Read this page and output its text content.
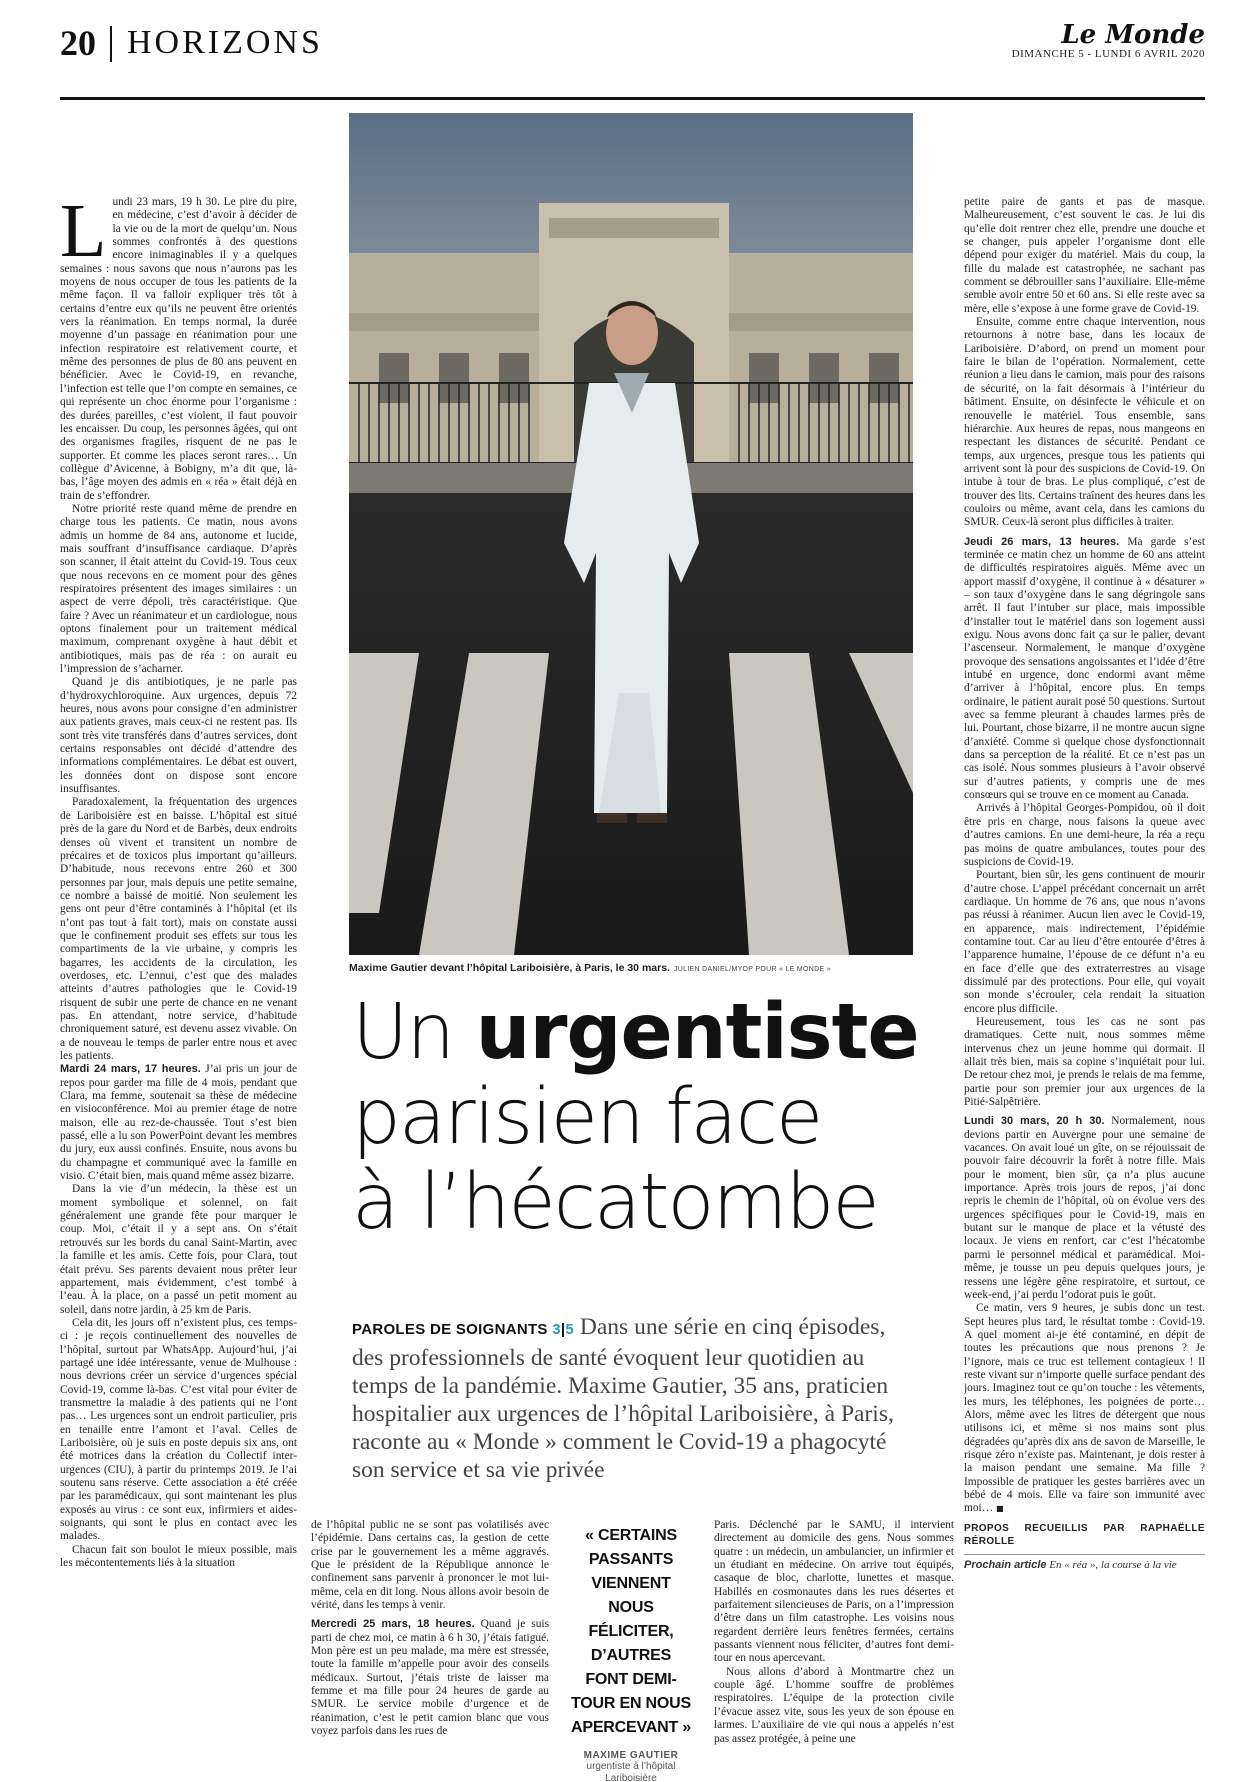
20 HORIZONS	Le Monde
DIMANCHE 5 - LUNDI 6 AVRIL 2020
L undi 23 mars, 19 h 30. Le pire du pire, en médecine, c’est d’avoir à décider de la vie ou de la mort de quelqu’un. Nous sommes confrontés à des questions encore inimaginables il y a quelques semaines : nous savons que nous n’aurons pas les moyens de nous occuper de tous les patients de la même façon. Il va falloir expliquer très tôt à certains d’entre eux qu’ils ne peuvent être orientés vers la réanimation. En temps normal, la durée moyenne d’un passage en réanimation pour une infection respiratoire est relativement courte, et même des personnes de plus de 80 ans peuvent en bénéficier. Avec le Covid-19, en revanche, l’infection est telle que l’on compte en semaines, ce qui représente un choc énorme pour l’organisme : des durées pareilles, c’est violent, il faut pouvoir les encaisser. Du coup, les personnes âgées, qui ont des organismes fragiles, risquent de ne pas le supporter. Et comme les places seront rares… Un collègue d’Avicenne, à Bobigny, m’a dit que, là-bas, l’âge moyen des admis en « réa » était déjà en train de s’effondrer.

Notre priorité reste quand même de prendre en charge tous les patients. Ce matin, nous avons admis un homme de 84 ans, autonome et lucide, mais souffrant d’insuffisance cardiaque. D’après son scanner, il était atteint du Covid-19. Tous ceux que nous recevons en ce moment pour des gênes respiratoires présentent des images similaires : un aspect de verre dépoli, très caractéristique. Que faire ? Avec un réanimateur et un cardiologue, nous optons finalement pour un traitement médical maximum, comprenant oxygène à haut débit et antibiotiques, mais pas de réa : on aurait eu l’impression de s’acharner.

Quand je dis antibiotiques, je ne parle pas d’hydroxychloroquine. Aux urgences, depuis 72 heures, nous avons pour consigne d’en administrer aux patients graves, mais ceux-ci ne restent pas. Ils sont très vite transférés dans d’autres services, dont certains responsables ont décidé d’attendre des informations complémentaires. Le débat est ouvert, les données dont on dispose sont encore insuffisantes.

Paradoxalement, la fréquentation des urgences de Lariboisière est en baisse. L’hôpital est situé près de la gare du Nord et de Barbès, deux endroits denses où vivent et transitent un nombre de précaires et de toxicos plus important qu’ailleurs. D’habitude, nous recevons entre 260 et 300 personnes par jour, mais depuis une petite semaine, ce nombre a baissé de moitié. Non seulement les gens ont peur d’être contaminés à l’hôpital (et ils n’ont pas tout à fait tort), mais on constate aussi que le confinement produit ses effets sur tous les compartiments de la vie urbaine, y compris les bagarres, les accidents de la circulation, les overdoses, etc. L’ennui, c’est que des malades atteints d’autres pathologies que le Covid-19 risquent de subir une perte de chance en ne venant pas. En attendant, notre service, d’habitude chroniquement saturé, est devenu assez vivable. On a de nouveau le temps de parler entre nous et avec les patients.

Mardi 24 mars, 17 heures. J’ai pris un jour de repos pour garder ma fille de 4 mois, pendant que Clara, ma femme, soutenait sa thèse de médecine en visioconférence. Moi au premier étage de notre maison, elle au rez-de-chaussée. Tout s’est bien passé, elle a lu son PowerPoint devant les membres du jury, eux aussi confinés. Ensuite, nous avons bu du champagne et communiqué avec la famille en visio. C’était bien, mais quand même assez bizarre.

Dans la vie d’un médecin, la thèse est un moment symbolique et solennel, on fait généralement une grande fête pour marquer le coup. Moi, c’était il y a sept ans. On s’était retrouvés sur les bords du canal Saint-Martin, avec la famille et les amis. Cette fois, pour Clara, tout était prévu. Ses parents devaient nous prêter leur appartement, mais évidemment, c’est tombé à l’eau. À la place, on a passé un petit moment au soleil, dans notre jardin, à 25 km de Paris.

Cela dit, les jours off n’existent plus, ces temps-ci : je reçois continuellement des nouvelles de l’hôpital, surtout par WhatsApp. Aujourd’hui, j’ai partagé une idée intéressante, venue de Mulhouse : nous devrions créer un service d’urgences spécial Covid-19, comme là-bas. C’est vital pour éviter de transmettre la maladie à des patients qui ne l’ont pas… Les urgences sont un endroit particulier, pris en tenaille entre l’amont et l’aval. Celles de Lariboisière, où je suis en poste depuis six ans, ont été motrices dans la création du Collectif inter-urgences (CIU), à partir du printemps 2019. Je l’ai soutenu sans réserve. Cette association a été créée par les paramédicaux, qui sont maintenant les plus exposés au virus : ce sont eux, infirmiers et aides-soignants, qui sont le plus en contact avec les malades.

Chacun fait son boulot le mieux possible, mais les mécontentements liés à la situation

Maxime Gautier devant l’hôpital Lariboisière, à Paris, le 30 mars. JULIEN DANIEL/MYOP POUR « LE MONDE »
Un urgentiste
parisien face
à l’hécatombe
PAROLES DE SOIGNANTS 3|5 Dans une série en cinq épisodes, des professionnels de santé évoquent leur quotidien au temps de la pandémie. Maxime Gautier, 35 ans, praticien hospitalier aux urgences de l’hôpital Lariboisière, à Paris, raconte au « Monde » comment le Covid-19 a phagocyté son service et sa vie privée

de l’hôpital public ne se sont pas volatilisés avec l’épidémie. Dans certains cas, la gestion de cette crise par le gouvernement les a même aggravés. Que le président de la République annonce le confinement sans parvenir à prononcer le mot lui-même, cela en dit long. Nous allons avoir besoin de vérité, dans les temps à venir.

Mercredi 25 mars, 18 heures. Quand je suis parti de chez moi, ce matin à 6 h 30, j’étais fatigué. Mon père est un peu malade, ma mère est stressée, toute la famille m’appelle pour avoir des conseils médicaux. Surtout, j’étais triste de laisser ma femme et ma fille pour 24 heures de garde au SMUR. Le service mobile d’urgence et de réanimation, c’est le petit camion blanc que vous voyez parfois dans les rues de

« CERTAINS PASSANTS VIENNENT NOUS FÉLICITER, D’AUTRES FONT DEMI-TOUR EN NOUS APERCEVANT »
MAXIME GAUTIER
urgentiste à l’hôpital Lariboisière

Paris. Déclenché par le SAMU, il intervient directement au domicile des gens. Nous sommes quatre : un médecin, un ambulancier, un infirmier et un étudiant en médecine. On arrive tout équipés, casaque de bloc, charlotte, lunettes et masque. Habillés en cosmonautes dans les rues désertes et parfaitement silencieuses de Paris, on a l’impression d’être dans un film catastrophe. Les voisins nous regardent derrière leurs fenêtres fermées, certains passants viennent nous féliciter, d’autres font demi-tour en nous apercevant.

Nous allons d’abord à Montmartre chez un couple âgé. L’homme souffre de problèmes respiratoires. L’équipe de la protection civile l’évacue assez vite, sous les yeux de son épouse en larmes. L’auxiliaire de vie qui nous a appelés n’est pas assez protégée, à peine une

petite paire de gants et pas de masque. Malheureusement, c’est souvent le cas. Je lui dis qu’elle doit rentrer chez elle, prendre une douche et se changer, puis appeler l’organisme dont elle dépend pour exiger du matériel. Mais du coup, la fille du malade est catastrophée, ne sachant pas comment se débrouiller sans l’auxiliaire. Elle-même semble avoir entre 50 et 60 ans. Si elle reste avec sa mère, elle s’expose à une forme grave de Covid-19.

Ensuite, comme entre chaque intervention, nous retournons à notre base, dans les locaux de Lariboisière. D’abord, on prend un moment pour faire le bilan de l’opération. Normalement, cette réunion a lieu dans le camion, mais pour des raisons de sécurité, on la fait désormais à l’intérieur du bâtiment. Ensuite, on désinfecte le véhicule et on renouvelle le matériel. Tous ensemble, sans hiérarchie. Aux heures de repas, nous mangeons en respectant les distances de sécurité. Pendant ce temps, aux urgences, presque tous les patients qui arrivent sont là pour des suspicions de Covid-19. On intube à tour de bras. Le plus compliqué, c’est de trouver des lits. Certains traînent des heures dans les couloirs ou même, avant cela, dans les camions du SMUR. Ceux-là seront plus difficiles à traiter.

Jeudi 26 mars, 13 heures. Ma garde s’est terminée ce matin chez un homme de 60 ans atteint de difficultés respiratoires aiguës. Même avec un apport massif d’oxygène, il continue à « désaturer » – son taux d’oxygène dans le sang dégringole sans arrêt. Il faut l’intuber sur place, mais impossible d’installer tout le matériel dans son logement aussi exigu. Nous avons donc fait ça sur le palier, devant l’ascenseur. Normalement, le manque d’oxygène provoque des sensations angoissantes et l’idée d’être intubé en urgence, donc endormi avant même d’arriver à l’hôpital, encore plus. En temps ordinaire, le patient aurait posé 50 questions. Surtout avec sa femme pleurant à chaudes larmes près de lui. Pourtant, chose bizarre, il ne montre aucun signe d’anxiété. Comme si quelque chose dysfonctionnait dans sa perception de la réalité. Et ce n’est pas un cas isolé. Nous sommes plusieurs à l’avoir observé sur d’autres patients, y compris une de mes consœurs qui se trouve en ce moment au Canada.

Arrivés à l’hôpital Georges-Pompidou, où il doit être pris en charge, nous faisons la queue avec d’autres camions. En une demi-heure, la réa a reçu pas moins de quatre ambulances, toutes pour des suspicions de Covid-19.

Pourtant, bien sûr, les gens continuent de mourir d’autre chose. L’appel précédant concernait un arrêt cardiaque. Un homme de 76 ans, que nous n’avons pas réussi à réanimer. Aucun lien avec le Covid-19, en apparence, mais indirectement, l’épidémie contamine tout. Car au lieu d’être entourée d’êtres à l’apparence humaine, l’épouse de ce défunt n’a eu en face d’elle que des extraterrestres au visage dissimulé par des protections. Pour elle, qui voyait son monde s’écrouler, cela rendait la situation encore plus difficile.

Heureusement, tous les cas ne sont pas dramatiques. Cette nuit, nous sommes même intervenus chez un jeune homme qui dormait. Il allait très bien, mais sa copine s’inquiétait pour lui. De retour chez moi, je prends le relais de ma femme, partie pour son premier jour aux urgences de la Pitié-Salpêtrière.

Lundi 30 mars, 20 h 30. Normalement, nous devions partir en Auvergne pour une semaine de vacances. On avait loué un gîte, on se réjouissait de pouvoir faire découvrir la forêt à notre fille. Mais pour le moment, bien sûr, ça n’a plus aucune importance. Après trois jours de repos, j’ai donc repris le chemin de l’hôpital, où on évolue vers des urgences spécifiques pour le Covid-19, mais en butant sur le manque de place et la vétusté des locaux. Je viens en renfort, car c’est l’hécatombe parmi le personnel médical et paramédical. Moi-même, je tousse un peu depuis quelques jours, je ressens une légère gêne respiratoire, et surtout, ce week-end, j’ai perdu l’odorat puis le goût.

Ce matin, vers 9 heures, je subis donc un test. Sept heures plus tard, le résultat tombe : Covid-19. A quel moment ai-je été contaminé, en dépit de toutes les précautions que nous prenons ? Je l’ignore, mais ce truc est tellement contagieux ! Il reste vivant sur n’importe quelle surface pendant des jours. Imaginez tout ce qu’on touche : les vêtements, les murs, les téléphones, les poignées de porte… Alors, même avec les litres de détergent que nous utilisons ici, et même si nos mains sont plus dégradées qu’après dix ans de savon de Marseille, le risque zéro n’existe pas. Maintenant, je dois rester à la maison pendant une semaine. Ma fille ? Impossible de pratiquer les gestes barrières avec un bébé de 4 mois. Elle va faire son immunité avec moi… ■

PROPOS RECUEILLIS PAR RAPHAËLLE RÉROLLE
Prochain article En « réa », la course à la vie
